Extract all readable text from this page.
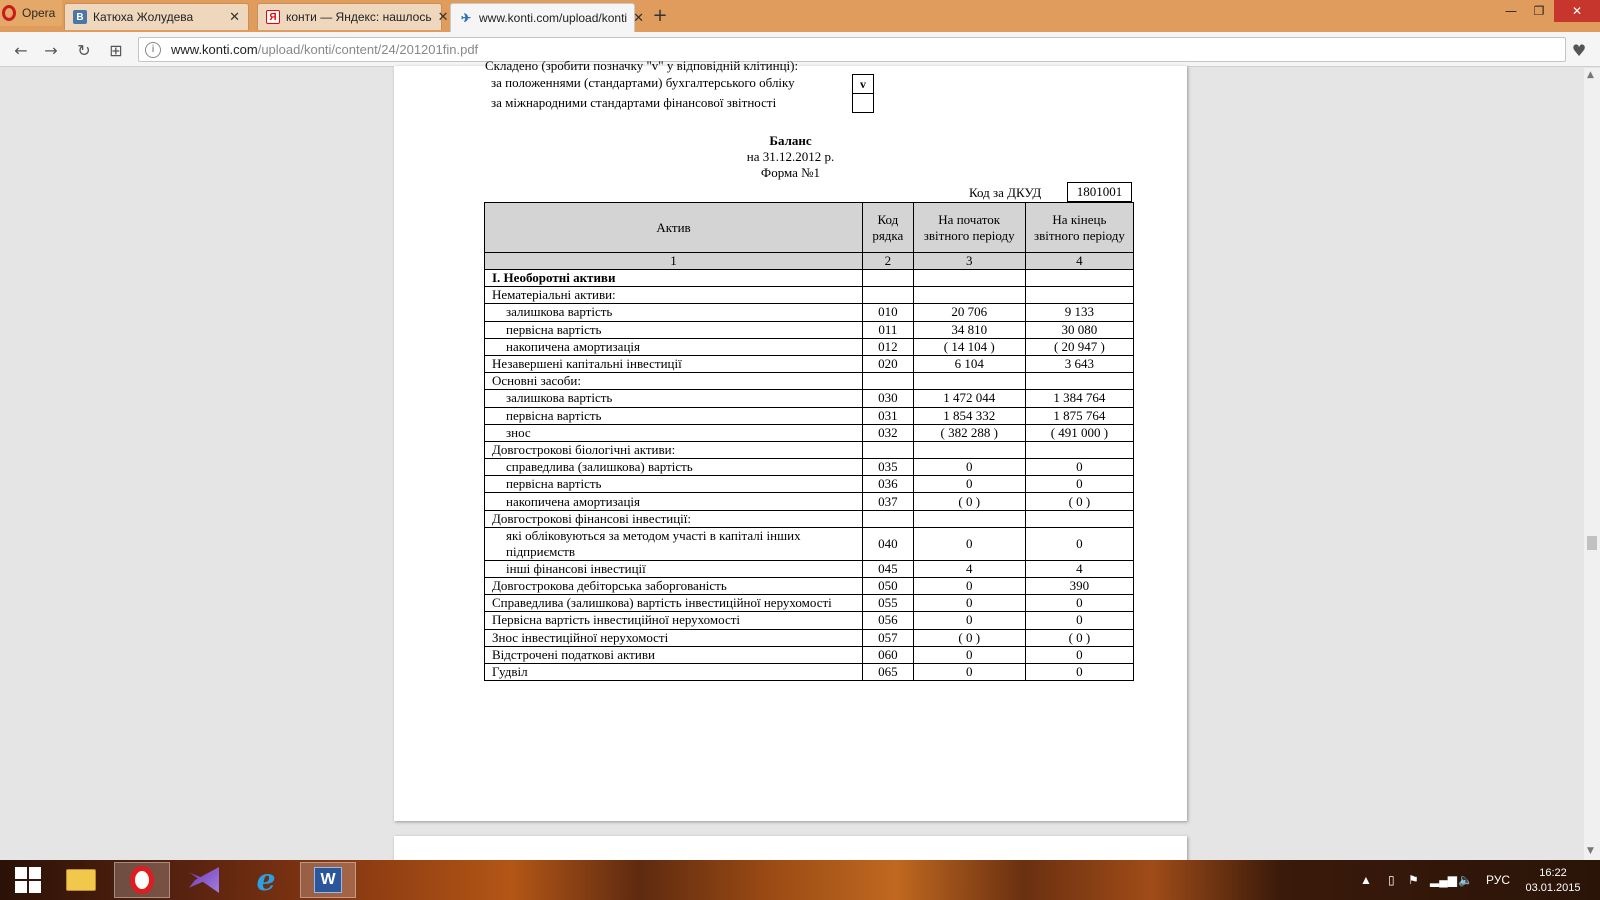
Opera	B Катюха Жолудева	✕	Я конти — Яндекс: нашлось ✕ ✈ www.konti.com/upload/konti ✕ +	—	❐	✕
← → ↻ ⊞	i	www.konti.com/upload/konti/content/24/201201fin.pdf	♥
Складено (зробити позначку "v" у відповідній клітинці):
за положеннями (стандартами) бухгалтерського обліку	v
за міжнародними стандартами фінансової звітності
Баланс
на 31.12.2012 р.
Форма №1
Код за ДКУД	1801001
Актив	Код рядка	На початок звітного періоду	На кінець звітного періоду
1	2	3	4
І. Необоротні активи			
Нематеріальні активи:			
залишкова вартість	010	20 706	9 133
первісна вартість	011	34 810	30 080
накопичена амортизація	012	( 14 104 )	( 20 947 )
Незавершені капітальні інвестиції	020	6 104	3 643
Основні засоби:			
залишкова вартість	030	1 472 044	1 384 764
первісна вартість	031	1 854 332	1 875 764
знос	032	( 382 288 )	( 491 000 )
Довгострокові біологічні активи:			
справедлива (залишкова) вартість	035	0	0
первісна вартість	036	0	0
накопичена амортизація	037	( 0 )	( 0 )
Довгострокові фінансові інвестиції:			
які обліковуються за методом участі в капіталі інших підприємств	040	0	0
інші фінансові інвестиції	045	4	4
Довгострокова дебіторська заборгованість	050	0	390
Справедлива (залишкова) вартість інвестиційної нерухомості	055	0	0
Первісна вартість інвестиційної нерухомості	056	0	0
Знос інвестиційної нерухомості	057	( 0 )	( 0 )
Відстрочені податкові активи	060	0	0
Гудвіл	065	0	0
▲
▼
e	W	▲ ▯ ⚑ ▂▄▆ 🔈 РУС	16:22
03.01.2015
